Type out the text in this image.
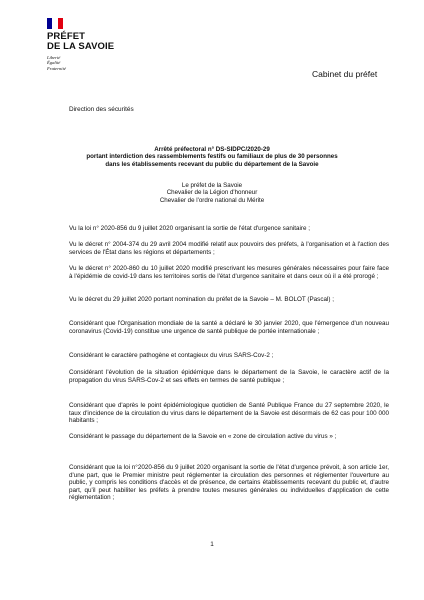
PRÉFET
DE LA SAVOIE
Liberté
Égalité
Fraternité
Cabinet du préfet
Direction des sécurités
Arrêté préfectoral n° DS-SIDPC/2020-29
portant interdiction des rassemblements festifs ou familiaux de plus de 30 personnes
dans les établissements recevant du public du département de la Savoie
Le préfet de la Savoie
Chevalier de la Légion d'honneur
Chevalier de l'ordre national du Mérite

Vu la loi n° 2020-856 du 9 juillet 2020 organisant la sortie de l'état d'urgence sanitaire ;

Vu le décret n° 2004-374 du 29 avril 2004 modifié relatif aux pouvoirs des préfets, à l'organisation et à l'action des services de l'État dans les régions et départements ;

Vu le décret n° 2020-860 du 10 juillet 2020 modifié prescrivant les mesures générales nécessaires pour faire face à l'épidémie de covid-19 dans les territoires sortis de l'état d'urgence sanitaire et dans ceux où il a été prorogé ;

Vu le décret du 29 juillet 2020 portant nomination du préfet de la Savoie – M. BOLOT (Pascal) ;

Considérant que l'Organisation mondiale de la santé a déclaré le 30 janvier 2020, que l'émergence d'un nouveau coronavirus (Covid-19) constitue une urgence de santé publique de portée internationale ;

Considérant le caractère pathogène et contagieux du virus SARS-Cov-2 ;

Considérant l'évolution de la situation épidémique dans le département de la Savoie, le caractère actif de la propagation du virus SARS-Cov-2 et ses effets en termes de santé publique ;

Considérant que d'après le point épidémiologique quotidien de Santé Publique France du 27 septembre 2020, le taux d'incidence de la circulation du virus dans le département de la Savoie est désormais de 62 cas pour 100 000 habitants ;

Considérant le passage du département de la Savoie en « zone de circulation active du virus » ;

Considérant que la loi n°2020-856 du 9 juillet 2020 organisant la sortie de l'état d'urgence prévoit, à son article 1er, d'une part, que le Premier ministre peut réglementer la circulation des personnes et réglementer l'ouverture au public, y compris les conditions d'accès et de présence, de certains établissements recevant du public et, d'autre part, qu'il peut habiliter les préfets à prendre toutes mesures générales ou individuelles d'application de cette réglementation ;

1
